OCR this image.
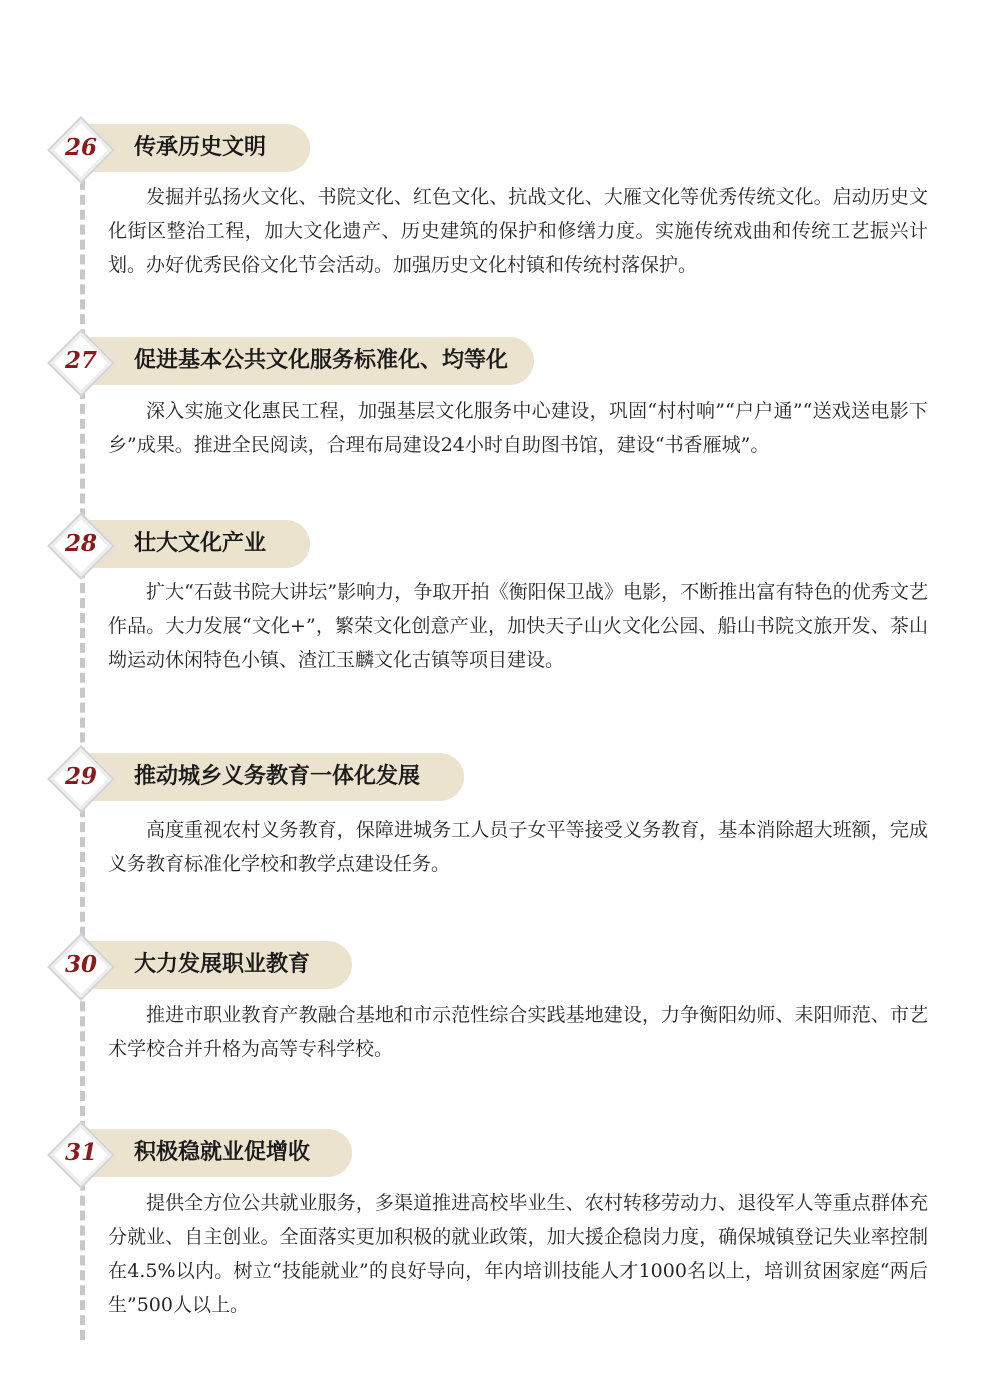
26	传承历史文明

发掘并弘扬火文化、书院文化、红色文化、抗战文化、大雁文化等优秀传统文化。启动历史文化街区整治工程，加大文化遗产、历史建筑的保护和修缮力度。实施传统戏曲和传统工艺振兴计划。办好优秀民俗文化节会活动。加强历史文化村镇和传统村落保护。

27	促进基本公共文化服务标准化、均等化

深入实施文化惠民工程，加强基层文化服务中心建设，巩固“村村响”“户户通”“送戏送电影下乡”成果。推进全民阅读，合理布局建设24小时自助图书馆，建设“书香雁城”。

28	壮大文化产业

扩大“石鼓书院大讲坛”影响力，争取开拍《衡阳保卫战》电影，不断推出富有特色的优秀文艺作品。大力发展“文化+”，繁荣文化创意产业，加快天子山火文化公园、船山书院文旅开发、茶山坳运动休闲特色小镇、渣江玉麟文化古镇等项目建设。

29	推动城乡义务教育一体化发展

高度重视农村义务教育，保障进城务工人员子女平等接受义务教育，基本消除超大班额，完成义务教育标准化学校和教学点建设任务。

30	大力发展职业教育

推进市职业教育产教融合基地和市示范性综合实践基地建设，力争衡阳幼师、耒阳师范、市艺术学校合并升格为高等专科学校。

31	积极稳就业促增收

提供全方位公共就业服务，多渠道推进高校毕业生、农村转移劳动力、退役军人等重点群体充分就业、自主创业。全面落实更加积极的就业政策，加大援企稳岗力度，确保城镇登记失业率控制在4.5%以内。树立“技能就业”的良好导向，年内培训技能人才1000名以上，培训贫困家庭“两后生”500人以上。
